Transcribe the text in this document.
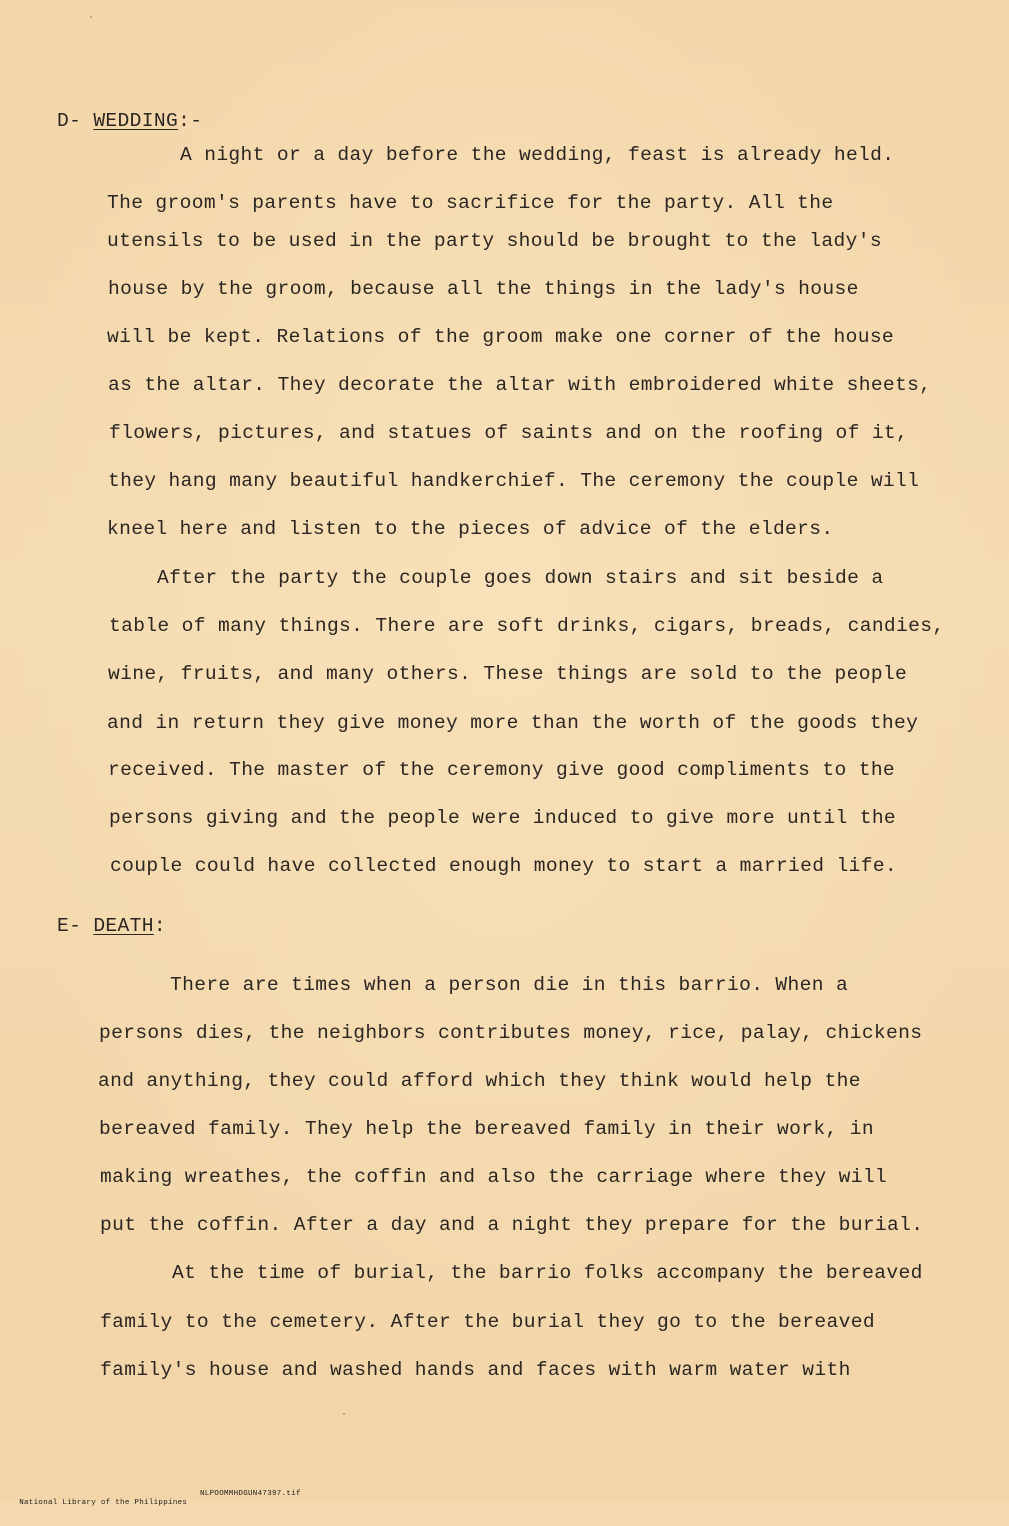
D- WEDDING:-
A night or a day before the wedding, feast is already held.
The groom's parents have to sacrifice for the party. All the
utensils to be used in the party should be brought to the lady's
house by the groom, because all the things in the lady's house
will be kept. Relations of the groom make one corner of the house
as the altar. They decorate the altar with embroidered white sheets,
flowers, pictures, and statues of saints and on the roofing of it,
they hang many beautiful handkerchief. The ceremony the couple will
kneel here and listen to the pieces of advice of the elders.
After the party the couple goes down stairs and sit beside a
table of many things. There are soft drinks, cigars, breads, candies,
wine, fruits, and many others. These things are sold to the people
and in return they give money more than the worth of the goods they
received. The master of the ceremony give good compliments to the
persons giving and the people were induced to give more until the
couple could have collected enough money to start a married life.
E- DEATH:
There are times when a person die in this barrio. When a
persons dies, the neighbors contributes money, rice, palay, chickens
and anything, they could afford which they think would help the
bereaved family. They help the bereaved family in their work, in
making wreathes, the coffin and also the carriage where they will
put the coffin. After a day and a night they prepare for the burial.
At the time of burial, the barrio folks accompany the bereaved
family to the cemetery. After the burial they go to the bereaved
family's house and washed hands and faces with warm water with

National Library of the Philippines

NLPOOMMHDGUN47397.tif
